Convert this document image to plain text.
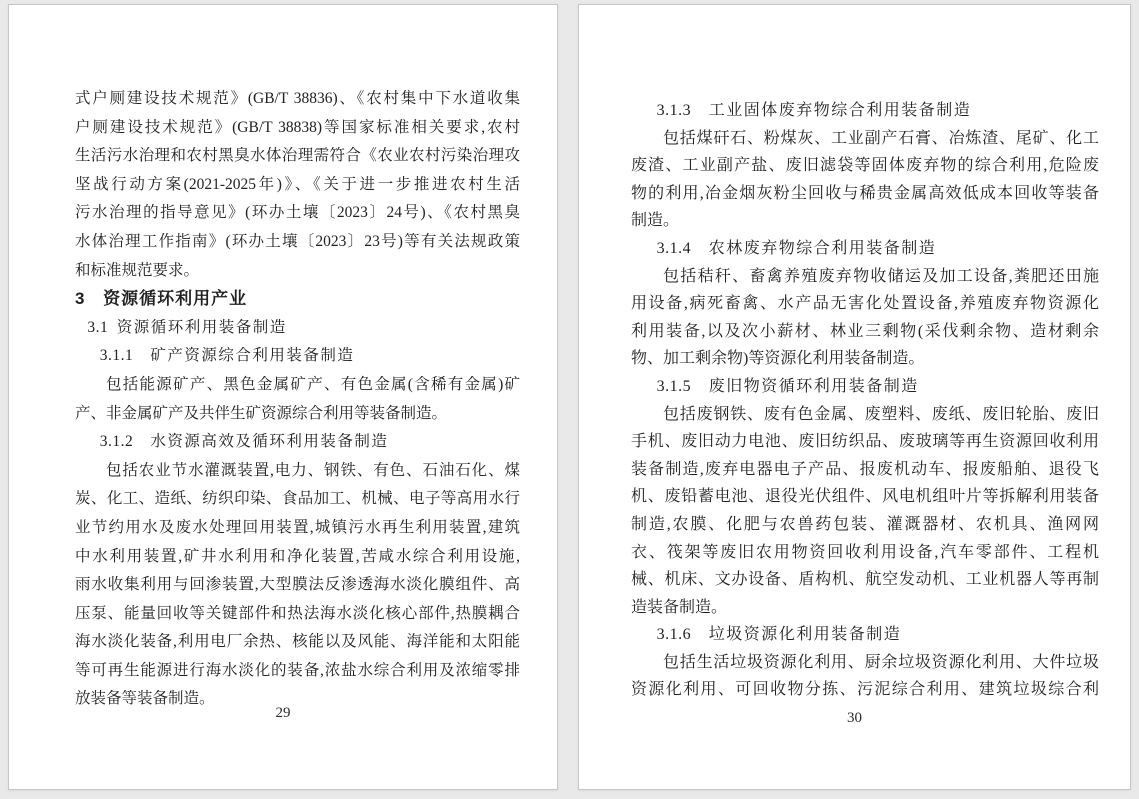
式户厕建设技术规范》(GB/T 38836)、《农村集中下水道收集
户厕建设技术规范》(GB/T 38838)等国家标准相关要求,农村
生活污水治理和农村黑臭水体治理需符合《农业农村污染治理攻
坚战行动方案(2021-2025年)》、《关于进一步推进农村生活
污水治理的指导意见》(环办土壤〔2023〕24号)、《农村黑臭
水体治理工作指南》(环办土壤〔2023〕23号)等有关法规政策
和标准规范要求。
3 资源循环利用产业
3.1 资源循环利用装备制造
3.1.1 矿产资源综合利用装备制造
包括能源矿产、黑色金属矿产、有色金属(含稀有金属)矿
产、非金属矿产及共伴生矿资源综合利用等装备制造。
3.1.2 水资源高效及循环利用装备制造
包括农业节水灌溉装置,电力、钢铁、有色、石油石化、煤
炭、化工、造纸、纺织印染、食品加工、机械、电子等高用水行
业节约用水及废水处理回用装置,城镇污水再生利用装置,建筑
中水利用装置,矿井水利用和净化装置,苦咸水综合利用设施,
雨水收集利用与回渗装置,大型膜法反渗透海水淡化膜组件、高
压泵、能量回收等关键部件和热法海水淡化核心部件,热膜耦合
海水淡化装备,利用电厂余热、核能以及风能、海洋能和太阳能
等可再生能源进行海水淡化的装备,浓盐水综合利用及浓缩零排
放装备等装备制造。
29
3.1.3 工业固体废弃物综合利用装备制造
包括煤矸石、粉煤灰、工业副产石膏、冶炼渣、尾矿、化工
废渣、工业副产盐、废旧滤袋等固体废弃物的综合利用,危险废
物的利用,冶金烟灰粉尘回收与稀贵金属高效低成本回收等装备
制造。
3.1.4 农林废弃物综合利用装备制造
包括秸秆、畜禽养殖废弃物收储运及加工设备,粪肥还田施
用设备,病死畜禽、水产品无害化处置设备,养殖废弃物资源化
利用装备,以及次小薪材、林业三剩物(采伐剩余物、造材剩余
物、加工剩余物)等资源化利用装备制造。
3.1.5 废旧物资循环利用装备制造
包括废钢铁、废有色金属、废塑料、废纸、废旧轮胎、废旧
手机、废旧动力电池、废旧纺织品、废玻璃等再生资源回收利用
装备制造,废弃电器电子产品、报废机动车、报废船舶、退役飞
机、废铅蓄电池、退役光伏组件、风电机组叶片等拆解利用装备
制造,农膜、化肥与农兽药包装、灌溉器材、农机具、渔网网
衣、筏架等废旧农用物资回收利用设备,汽车零部件、工程机
械、机床、文办设备、盾构机、航空发动机、工业机器人等再制
造装备制造。
3.1.6 垃圾资源化利用装备制造
包括生活垃圾资源化利用、厨余垃圾资源化利用、大件垃圾
资源化利用、可回收物分拣、污泥综合利用、建筑垃圾综合利
30
